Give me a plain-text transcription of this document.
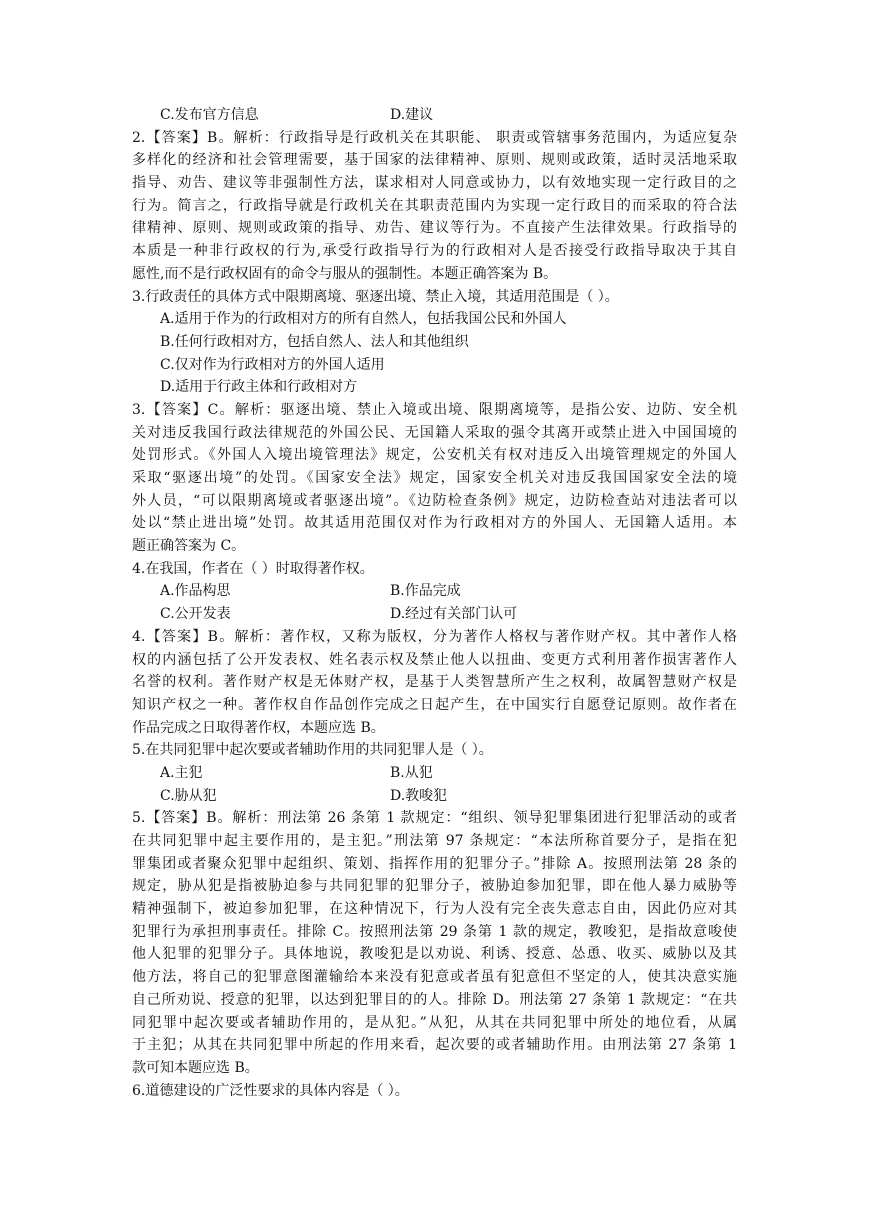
C.发布官方信息	D.建议
2.【答案】B。解析：行政指导是行政机关在其职能、 职责或管辖事务范围内，为适应复杂
多样化的经济和社会管理需要，基于国家的法律精神、原则、规则或政策，适时灵活地采取
指导、劝告、建议等非强制性方法，谋求相对人同意或协力，以有效地实现一定行政目的之
行为。简言之，行政指导就是行政机关在其职责范围内为实现一定行政目的而采取的符合法
律精神、原则、规则或政策的指导、劝告、建议等行为。不直接产生法律效果。行政指导的
本质是一种非行政权的行为,承受行政指导行为的行政相对人是否接受行政指导取决于其自
愿性,而不是行政权固有的命令与服从的强制性。本题正确答案为 B。
3.行政责任的具体方式中限期离境、驱逐出境、禁止入境，其适用范围是（ ）。
A.适用于作为的行政相对方的所有自然人，包括我国公民和外国人
B.任何行政相对方，包括自然人、法人和其他组织
C.仅对作为行政相对方的外国人适用
D.适用于行政主体和行政相对方
3.【答案】C。解析：驱逐出境、禁止入境或出境、限期离境等，是指公安、边防、安全机
关对违反我国行政法律规范的外国公民、无国籍人采取的强令其离开或禁止进入中国国境的
处罚形式。《外国人入境出境管理法》规定，公安机关有权对违反入出境管理规定的外国人
采取“驱逐出境”的处罚。《国家安全法》规定，国家安全机关对违反我国国家安全法的境
外人员，“可以限期离境或者驱逐出境”。《边防检查条例》规定，边防检查站对违法者可以
处以“禁止进出境”处罚。故其适用范围仅对作为行政相对方的外国人、无国籍人适用。本
题正确答案为 C。
4.在我国，作者在（ ）时取得著作权。
A.作品构思	B.作品完成
C.公开发表	D.经过有关部门认可
4.【答案】B。解析：著作权，又称为版权，分为著作人格权与著作财产权。其中著作人格
权的内涵包括了公开发表权、姓名表示权及禁止他人以扭曲、变更方式利用著作损害著作人
名誉的权利。著作财产权是无体财产权，是基于人类智慧所产生之权利，故属智慧财产权是
知识产权之一种。著作权自作品创作完成之日起产生，在中国实行自愿登记原则。故作者在
作品完成之日取得著作权，本题应选 B。
5.在共同犯罪中起次要或者辅助作用的共同犯罪人是（ ）。
A.主犯	B.从犯
C.胁从犯	D.教唆犯
5.【答案】B。解析：刑法第 26 条第 1 款规定：“组织、领导犯罪集团进行犯罪活动的或者
在共同犯罪中起主要作用的，是主犯。”刑法第 97 条规定：“本法所称首要分子，是指在犯
罪集团或者聚众犯罪中起组织、策划、指挥作用的犯罪分子。”排除 A。按照刑法第 28 条的
规定，胁从犯是指被胁迫参与共同犯罪的犯罪分子，被胁迫参加犯罪，即在他人暴力威胁等
精神强制下，被迫参加犯罪，在这种情况下，行为人没有完全丧失意志自由，因此仍应对其
犯罪行为承担刑事责任。排除 C。按照刑法第 29 条第 1 款的规定，教唆犯，是指故意唆使
他人犯罪的犯罪分子。具体地说，教唆犯是以劝说、利诱、授意、怂恿、收买、威胁以及其
他方法，将自己的犯罪意图灌输给本来没有犯意或者虽有犯意但不坚定的人，使其决意实施
自己所劝说、授意的犯罪，以达到犯罪目的的人。排除 D。刑法第 27 条第 1 款规定：“在共
同犯罪中起次要或者辅助作用的，是从犯。”从犯，从其在共同犯罪中所处的地位看，从属
于主犯；从其在共同犯罪中所起的作用来看，起次要的或者辅助作用。由刑法第 27 条第 1
款可知本题应选 B。
6.道德建设的广泛性要求的具体内容是（ ）。
